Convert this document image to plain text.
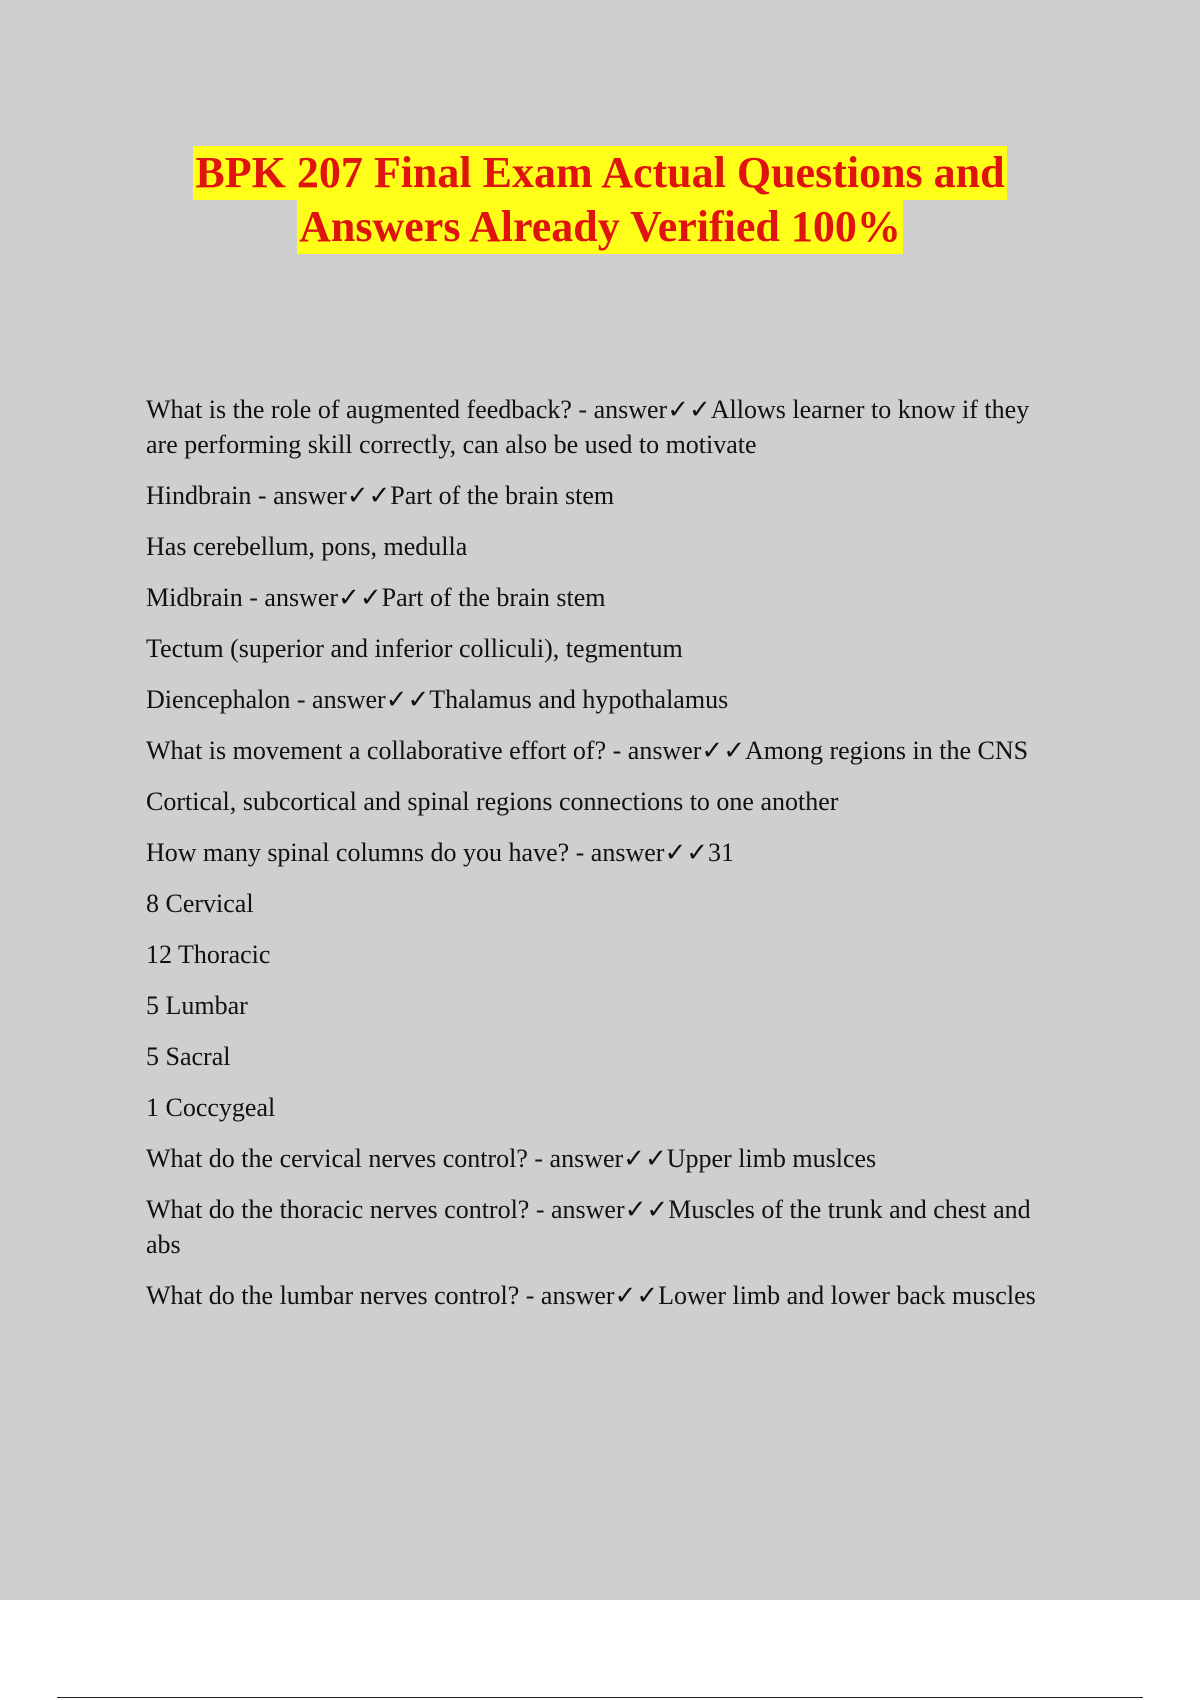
BPK 207 Final Exam Actual Questions and
Answers Already Verified 100%

What is the role of augmented feedback? - answer✓✓Allows learner to know if they are performing skill correctly, can also be used to motivate

Hindbrain - answer✓✓Part of the brain stem

Has cerebellum, pons, medulla

Midbrain - answer✓✓Part of the brain stem

Tectum (superior and inferior colliculi), tegmentum

Diencephalon - answer✓✓Thalamus and hypothalamus

What is movement a collaborative effort of? - answer✓✓Among regions in the CNS

Cortical, subcortical and spinal regions connections to one another

How many spinal columns do you have? - answer✓✓31

8 Cervical

12 Thoracic

5 Lumbar

5 Sacral

1 Coccygeal

What do the cervical nerves control? - answer✓✓Upper limb muslces

What do the thoracic nerves control? - answer✓✓Muscles of the trunk and chest and abs

What do the lumbar nerves control? - answer✓✓Lower limb and lower back muscles
